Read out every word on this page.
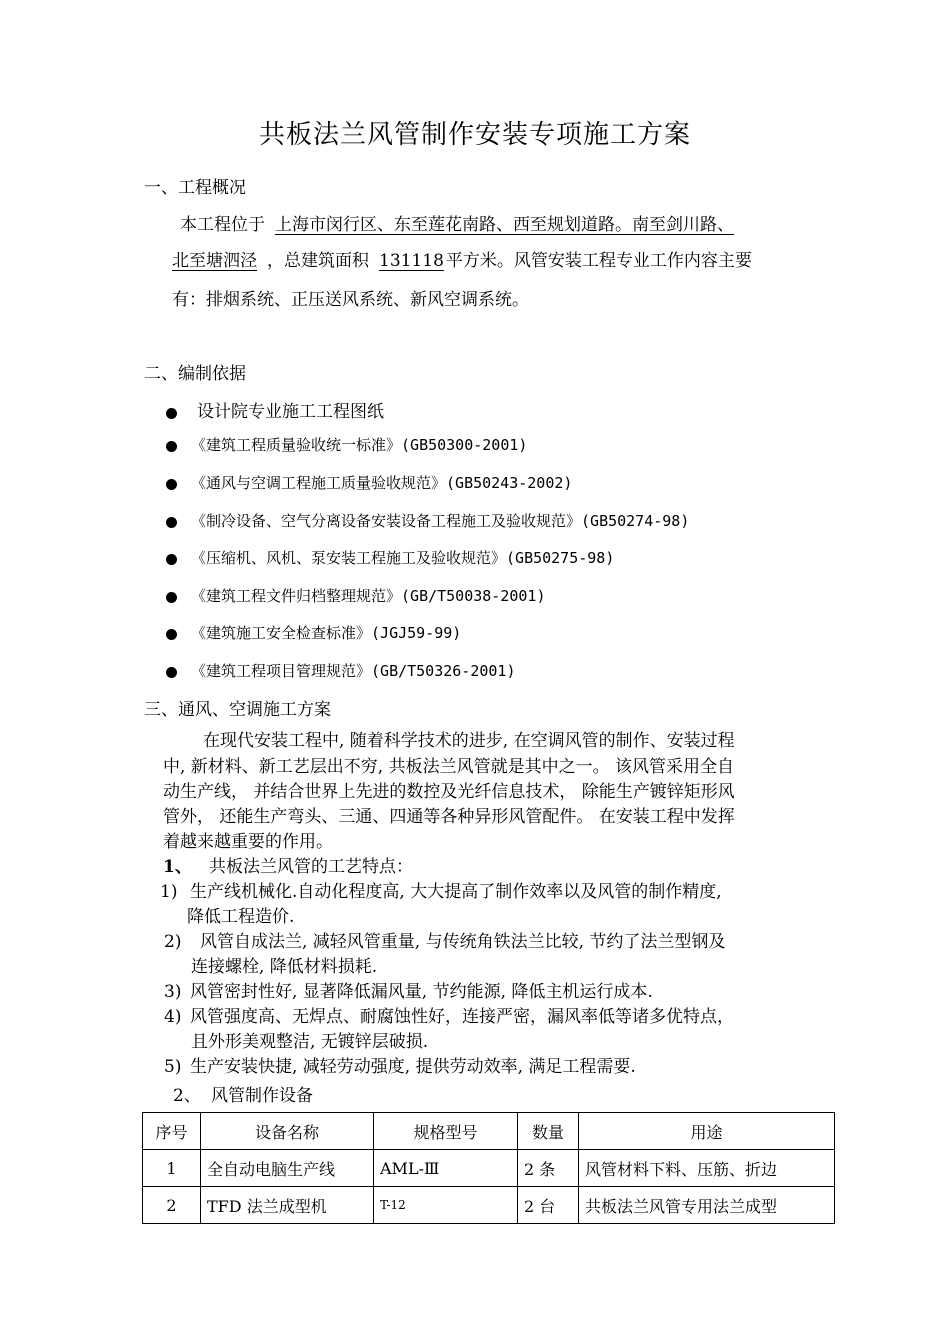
共板法兰风管制作安装专项施工方案
一、工程概况
本工程位于 上海市闵行区、东至莲花南路、西至规划道路。南至剑川路、
北至塘泗泾 ，总建筑面积 131118 平方米。风管安装工程专业工作内容主要
有：排烟系统、正压送风系统、新风空调系统。
二、编制依据
设计院专业施工工程图纸
《建筑工程质量验收统一标准》(GB50300-2001)
《通风与空调工程施工质量验收规范》(GB50243-2002)
《制冷设备、空气分离设备安装设备工程施工及验收规范》(GB50274-98)
《压缩机、风机、泵安装工程施工及验收规范》(GB50275-98)
《建筑工程文件归档整理规范》(GB/T50038-2001)
《建筑施工安全检查标准》(JGJ59-99)
《建筑工程项目管理规范》(GB/T50326-2001)
三、通风、空调施工方案
在现代安装工程中, 随着科学技术的进步, 在空调风管的制作、安装过程
中, 新材料、新工艺层出不穷, 共板法兰风管就是其中之一。 该风管采用全自
动生产线， 并结合世界上先进的数控及光纤信息技术， 除能生产镀锌矩形风
管外， 还能生产弯头、三通、四通等各种异形风管配件。 在安装工程中发挥
着越来越重要的作用。
1、 共板法兰风管的工艺特点：
1) 生产线机械化.自动化程度高, 大大提高了制作效率以及风管的制作精度,
降低工程造价.
2) 风管自成法兰, 减轻风管重量, 与传统角铁法兰比较, 节约了法兰型钢及
连接螺栓, 降低材料损耗.
3) 风管密封性好, 显著降低漏风量, 节约能源, 降低主机运行成本.
4) 风管强度高、无焊点、耐腐蚀性好，连接严密，漏风率低等诸多优特点，
且外形美观整洁, 无镀锌层破损.
5) 生产安装快捷, 减轻劳动强度, 提供劳动效率, 满足工程需要.
2、 风管制作设备
序号	设备名称	规格型号	数量	用途
1	全自动电脑生产线	AML-Ⅲ	2 条	风管材料下料、压筋、折边
2	TFD 法兰成型机	T-12	2 台	共板法兰风管专用法兰成型
